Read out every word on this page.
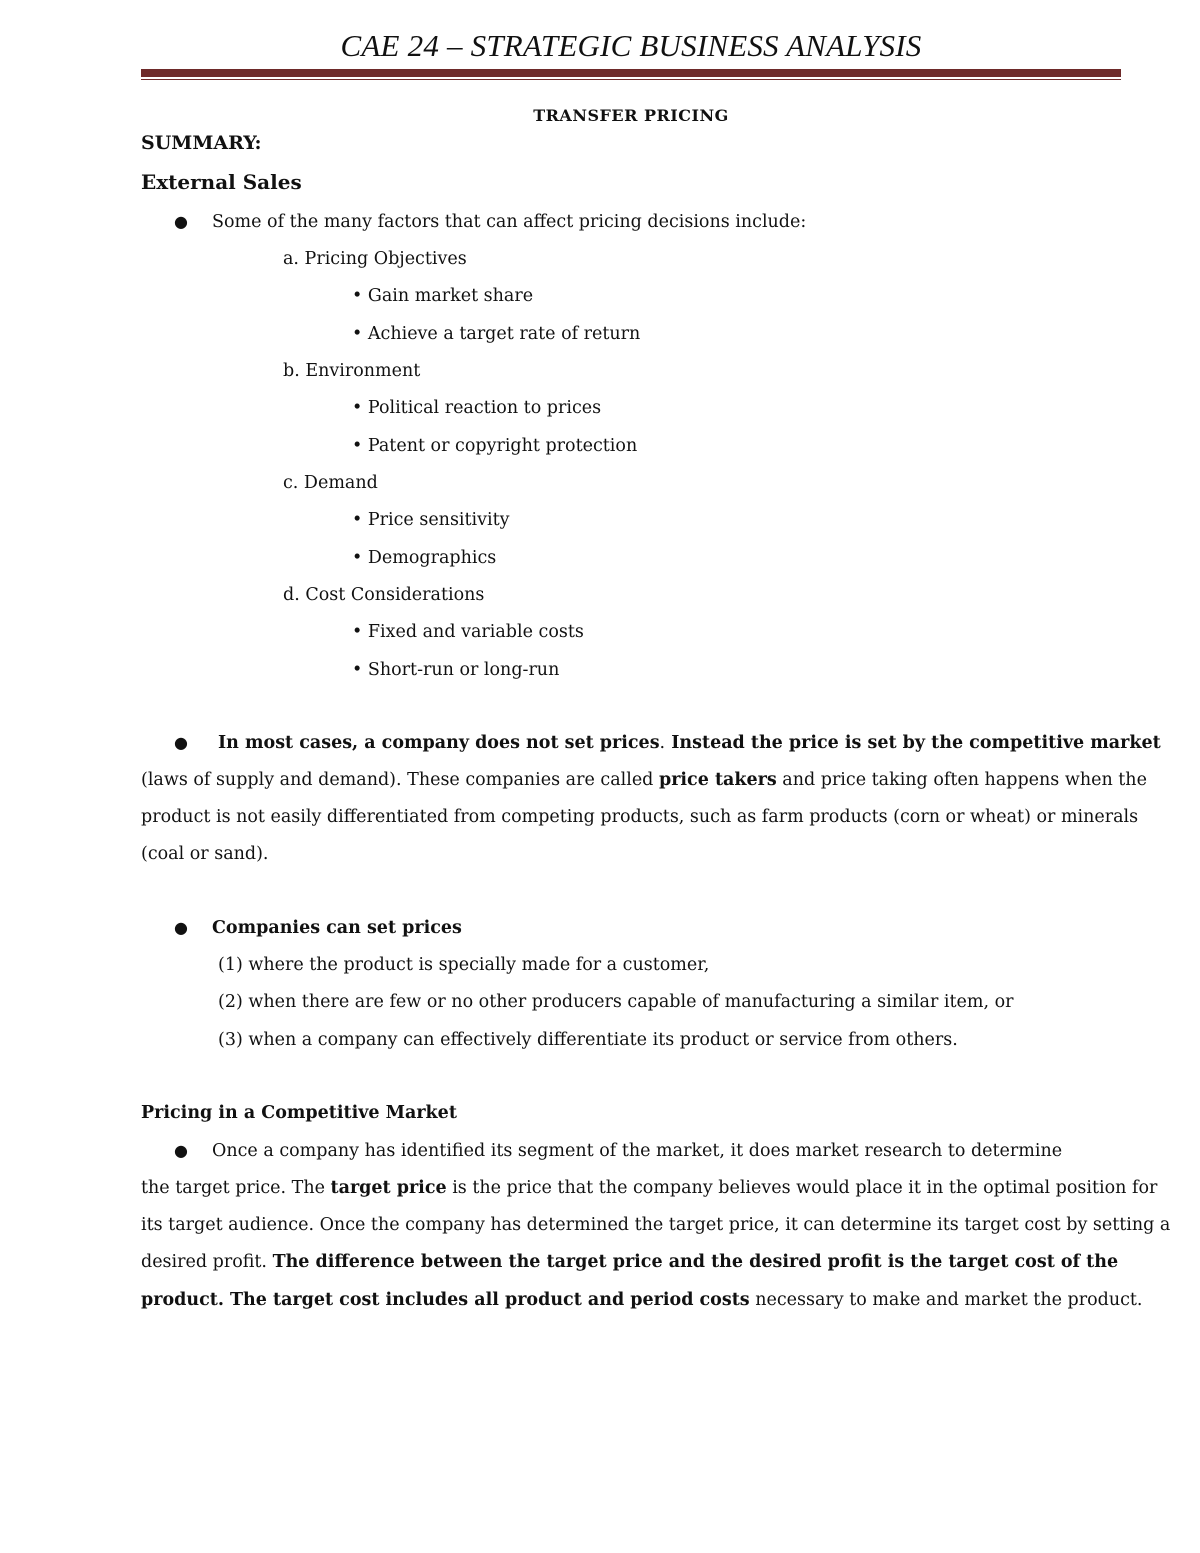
CAE 24 – STRATEGIC BUSINESS ANALYSIS
TRANSFER PRICING
SUMMARY:
External Sales
● Some of the many factors that can affect pricing decisions include:
a. Pricing Objectives
• Gain market share
• Achieve a target rate of return
b. Environment
• Political reaction to prices
• Patent or copyright protection
c. Demand
• Price sensitivity
• Demographics
d. Cost Considerations
• Fixed and variable costs
• Short-run or long-run
● In most cases, a company does not set prices. Instead the price is set by the competitive market
(laws of supply and demand). These companies are called price takers and price taking often happens when the
product is not easily differentiated from competing products, such as farm products (corn or wheat) or minerals
(coal or sand).
● Companies can set prices
(1) where the product is specially made for a customer,
(2) when there are few or no other producers capable of manufacturing a similar item, or
(3) when a company can effectively differentiate its product or service from others.
Pricing in a Competitive Market
● Once a company has identified its segment of the market, it does market research to determine
the target price. The target price is the price that the company believes would place it in the optimal position for
its target audience. Once the company has determined the target price, it can determine its target cost by setting a
desired profit. The difference between the target price and the desired profit is the target cost of the
product. The target cost includes all product and period costs necessary to make and market the product.
